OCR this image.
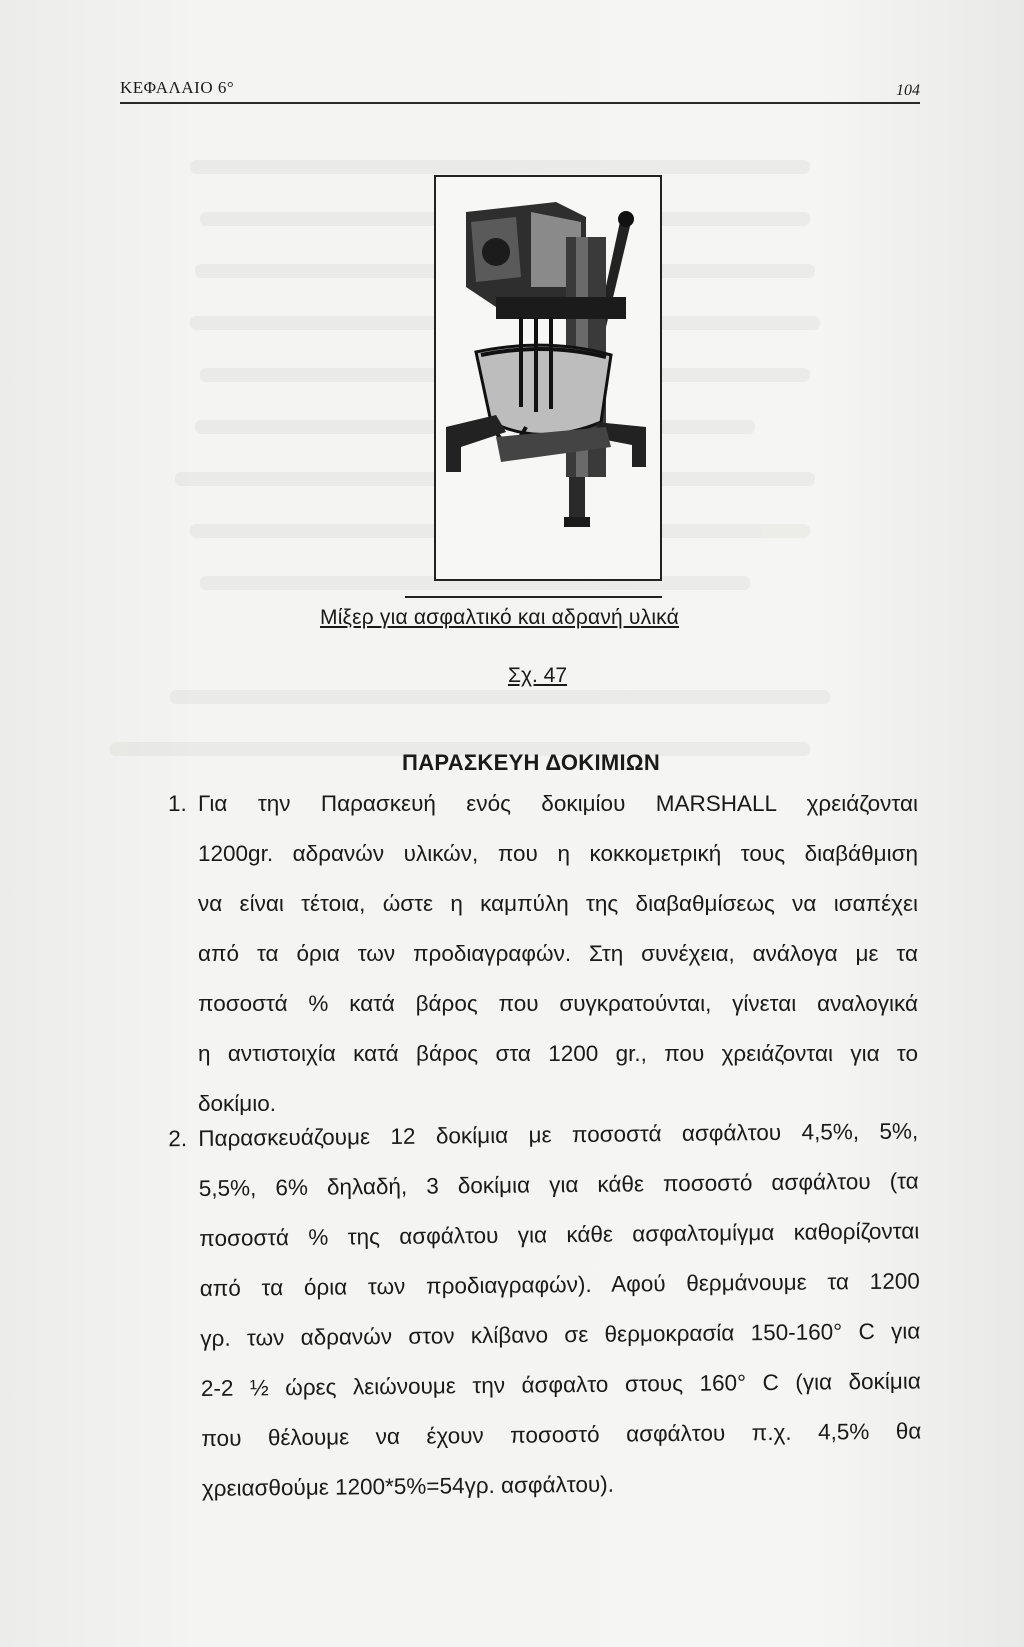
ΚΕΦΑΛΑΙΟ 6°	104
Μίξερ για ασφαλτικό και αδρανή υλικά
Σχ. 47
ΠΑΡΑΣΚΕΥΗ ΔΟΚΙΜΙΩΝ
1. Για την Παρασκευή ενός δοκιμίου MARSHALL χρειάζονται
1200gr. αδρανών υλικών, που η κοκκομετρική τους διαβάθμιση
να είναι τέτοια, ώστε η καμπύλη της διαβαθμίσεως να ισαπέχει
από τα όρια των προδιαγραφών. Στη συνέχεια, ανάλογα με τα
ποσοστά % κατά βάρος που συγκρατούνται, γίνεται αναλογικά
η αντιστοιχία κατά βάρος στα 1200 gr., που χρειάζονται για το
δοκίμιο.
2. Παρασκευάζουμε 12 δοκίμια με ποσοστά ασφάλτου 4,5%, 5%,
5,5%, 6% δηλαδή, 3 δοκίμια για κάθε ποσοστό ασφάλτου (τα
ποσοστά % της ασφάλτου για κάθε ασφαλτομίγμα καθορίζονται
από τα όρια των προδιαγραφών). Αφού θερμάνουμε τα 1200
γρ. των αδρανών στον κλίβανο σε θερμοκρασία 150-160° C για
2-2 ½ ώρες λειώνουμε την άσφαλτο στους 160° C (για δοκίμια
που θέλουμε να έχουν ποσοστό ασφάλτου π.χ. 4,5% θα
χρειασθούμε 1200*5%=54γρ. ασφάλτου).
